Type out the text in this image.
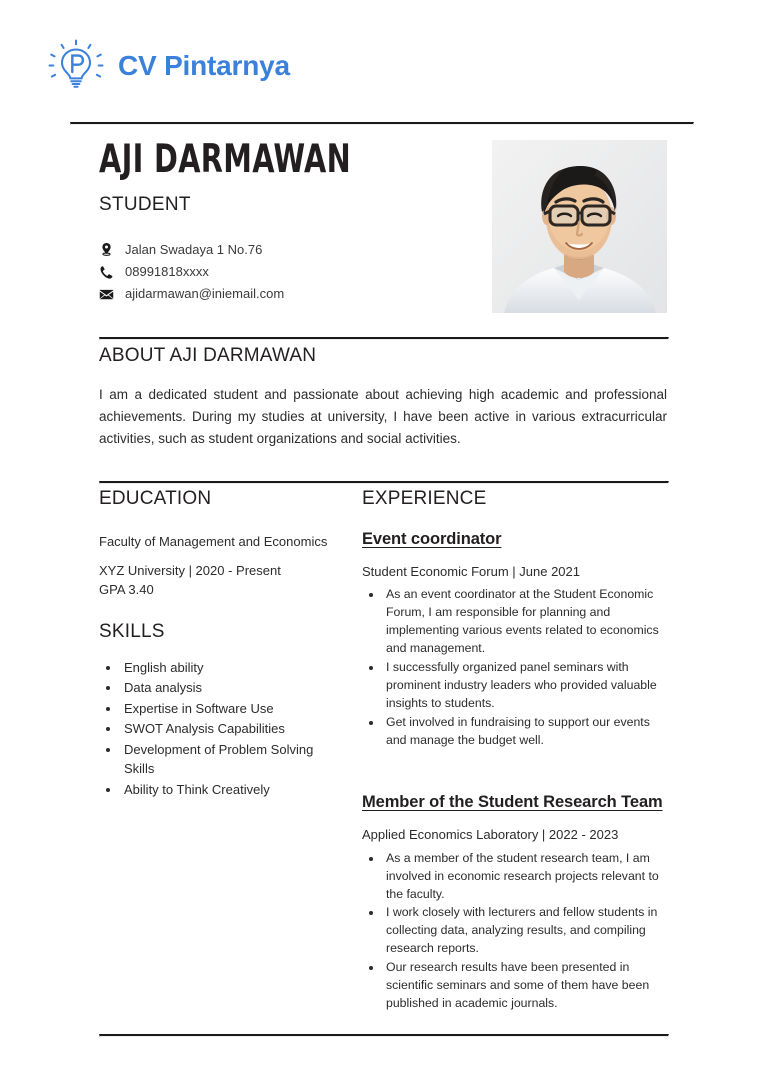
CV Pintarnya
AJI DARMAWAN
STUDENT
Jalan Swadaya 1 No.76
08991818xxxx
ajidarmawan@iniemail.com
ABOUT AJI DARMAWAN

I am a dedicated student and passionate about achieving high academic and professional achievements. During my studies at university, I have been active in various extracurricular activities, such as student organizations and social activities.

EDUCATION

Faculty of Management and Economics

XYZ University | 2020 - Present

GPA 3.40

SKILLS
• English ability
• Data analysis
• Expertise in Software Use
• SWOT Analysis Capabilities
• Development of Problem Solving Skills
• Ability to Think Creatively
EXPERIENCE
Event coordinator

Student Economic Forum | June 2021

• As an event coordinator at the Student Economic Forum, I am responsible for planning and implementing various events related to economics and management.
• I successfully organized panel seminars with prominent industry leaders who provided valuable insights to students.
• Get involved in fundraising to support our events and manage the budget well.
Member of the Student Research Team

Applied Economics Laboratory | 2022 - 2023

• As a member of the student research team, I am involved in economic research projects relevant to the faculty.
• I work closely with lecturers and fellow students in collecting data, analyzing results, and compiling research reports.
• Our research results have been presented in scientific seminars and some of them have been published in academic journals.
